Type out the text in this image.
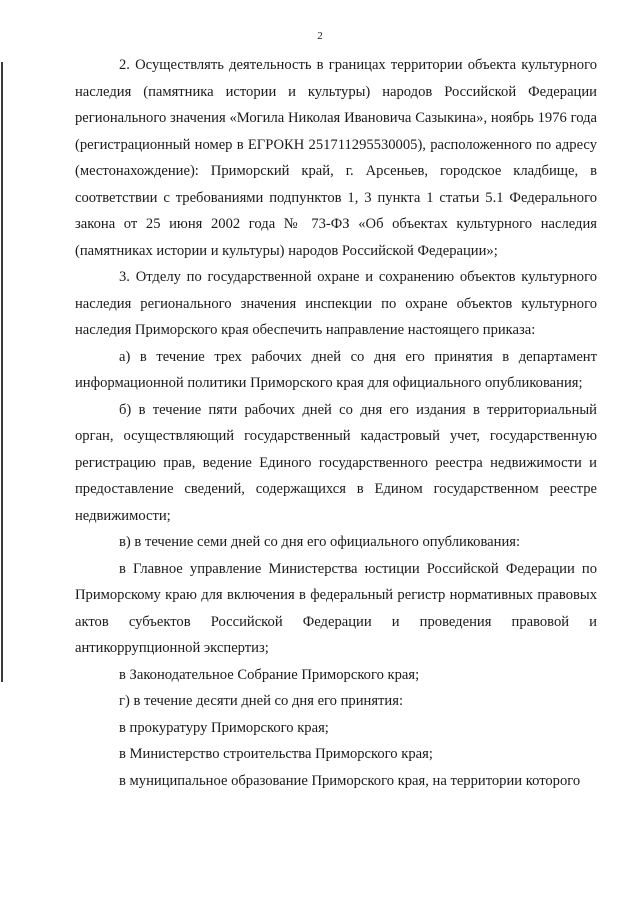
2

2. Осуществлять деятельность в границах территории объекта культурного наследия (памятника истории и культуры) народов Российской Федерации регионального значения «Могила Николая Ивановича Сазыкина», ноябрь 1976 года (регистрационный номер в ЕГРОКН 251711295530005), расположенного по адресу (местонахождение): Приморский край, г. Арсеньев, городское кладбище, в соответствии с требованиями подпунктов 1, 3 пункта 1 статьи 5.1 Федерального закона от 25 июня 2002 года № 73-ФЗ «Об объектах культурного наследия (памятниках истории и культуры) народов Российской Федерации»;

3. Отделу по государственной охране и сохранению объектов культурного наследия регионального значения инспекции по охране объектов культурного наследия Приморского края обеспечить направление настоящего приказа:

а) в течение трех рабочих дней со дня его принятия в департамент информационной политики Приморского края для официального опубликования;

б) в течение пяти рабочих дней со дня его издания в территориальный орган, осуществляющий государственный кадастровый учет, государственную регистрацию прав, ведение Единого государственного реестра недвижимости и предоставление сведений, содержащихся в Едином государственном реестре недвижимости;

в) в течение семи дней со дня его официального опубликования:

в Главное управление Министерства юстиции Российской Федерации по Приморскому краю для включения в федеральный регистр нормативных правовых актов субъектов Российской Федерации и проведения правовой и антикоррупционной экспертиз;

в Законодательное Собрание Приморского края;

г) в течение десяти дней со дня его принятия:

в прокуратуру Приморского края;

в Министерство строительства Приморского края;

в муниципальное образование Приморского края, на территории которого
